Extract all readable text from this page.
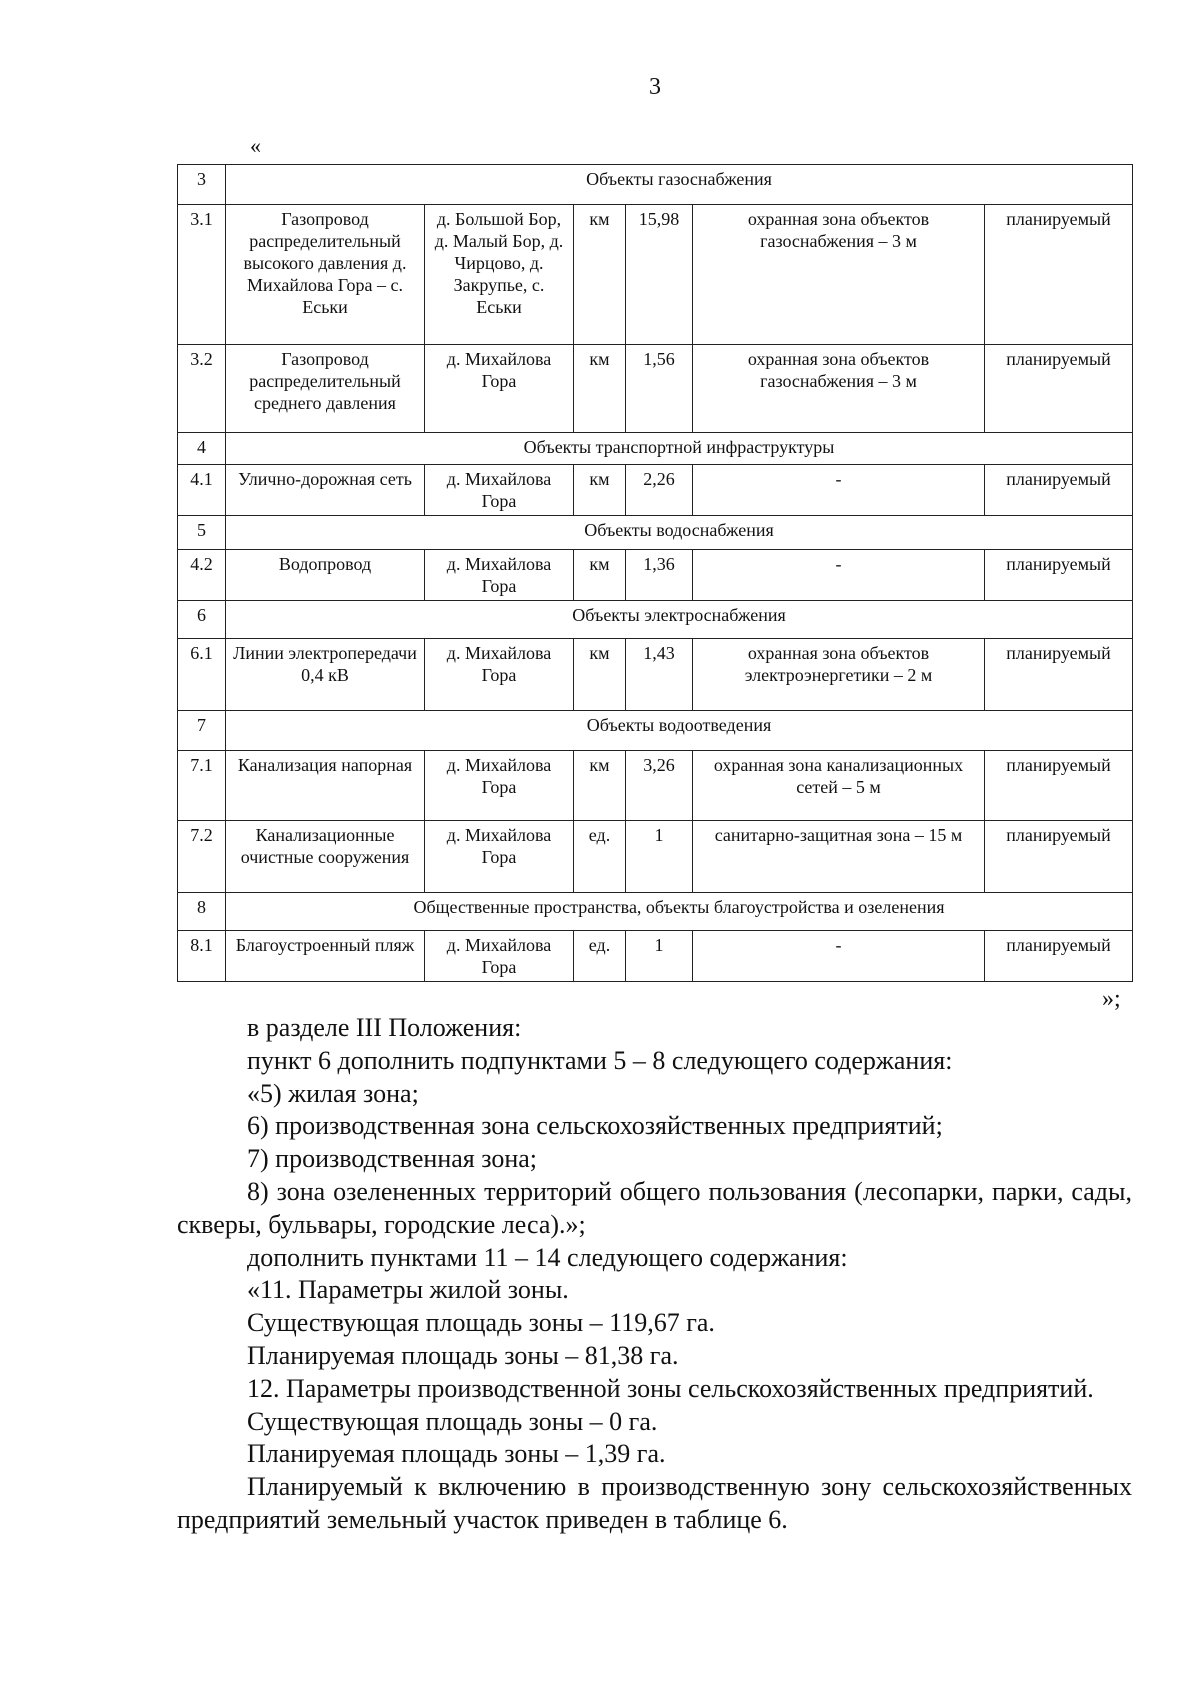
3
«
3	Объекты газоснабжения					
3.1	Газопровод распределительный высокого давления д. Михайлова Гора – с. Еськи	д. Большой Бор, д. Малый Бор, д. Чирцово, д. Закрупье, с. Еськи	км	15,98	охранная зона объектов газоснабжения – 3 м	планируемый
3.2	Газопровод распределительный среднего давления	д. Михайлова Гора	км	1,56	охранная зона объектов газоснабжения – 3 м	планируемый
4	Объекты транспортной инфраструктуры					
4.1	Улично-дорожная сеть	д. Михайлова Гора	км	2,26	-	планируемый
5	Объекты водоснабжения					
4.2	Водопровод	д. Михайлова Гора	км	1,36	-	планируемый
6	Объекты электроснабжения					
6.1	Линии электропередачи 0,4 кВ	д. Михайлова Гора	км	1,43	охранная зона объектов электроэнергетики – 2 м	планируемый
7	Объекты водоотведения					
7.1	Канализация напорная	д. Михайлова Гора	км	3,26	охранная зона канализационных сетей – 5 м	планируемый
7.2	Канализационные очистные сооружения	д. Михайлова Гора	ед.	1	санитарно-защитная зона – 15 м	планируемый
8	Общественные пространства, объекты благоустройства и озеленения					
8.1	Благоустроенный пляж	д. Михайлова Гора	ед.	1	-	планируемый
»;

в разделе III Положения:

пункт 6 дополнить подпунктами 5 – 8 следующего содержания:

«5) жилая зона;

6) производственная зона сельскохозяйственных предприятий;

7) производственная зона;

8) зона озелененных территорий общего пользования (лесопарки, парки, сады, скверы, бульвары, городские леса).»;

дополнить пунктами 11 – 14 следующего содержания:

«11. Параметры жилой зоны.

Существующая площадь зоны – 119,67 га.

Планируемая площадь зоны – 81,38 га.

12. Параметры производственной зоны сельскохозяйственных предприятий.

Существующая площадь зоны – 0 га.

Планируемая площадь зоны – 1,39 га.

Планируемый к включению в производственную зону сельскохозяйственных предприятий земельный участок приведен в таблице 6.
